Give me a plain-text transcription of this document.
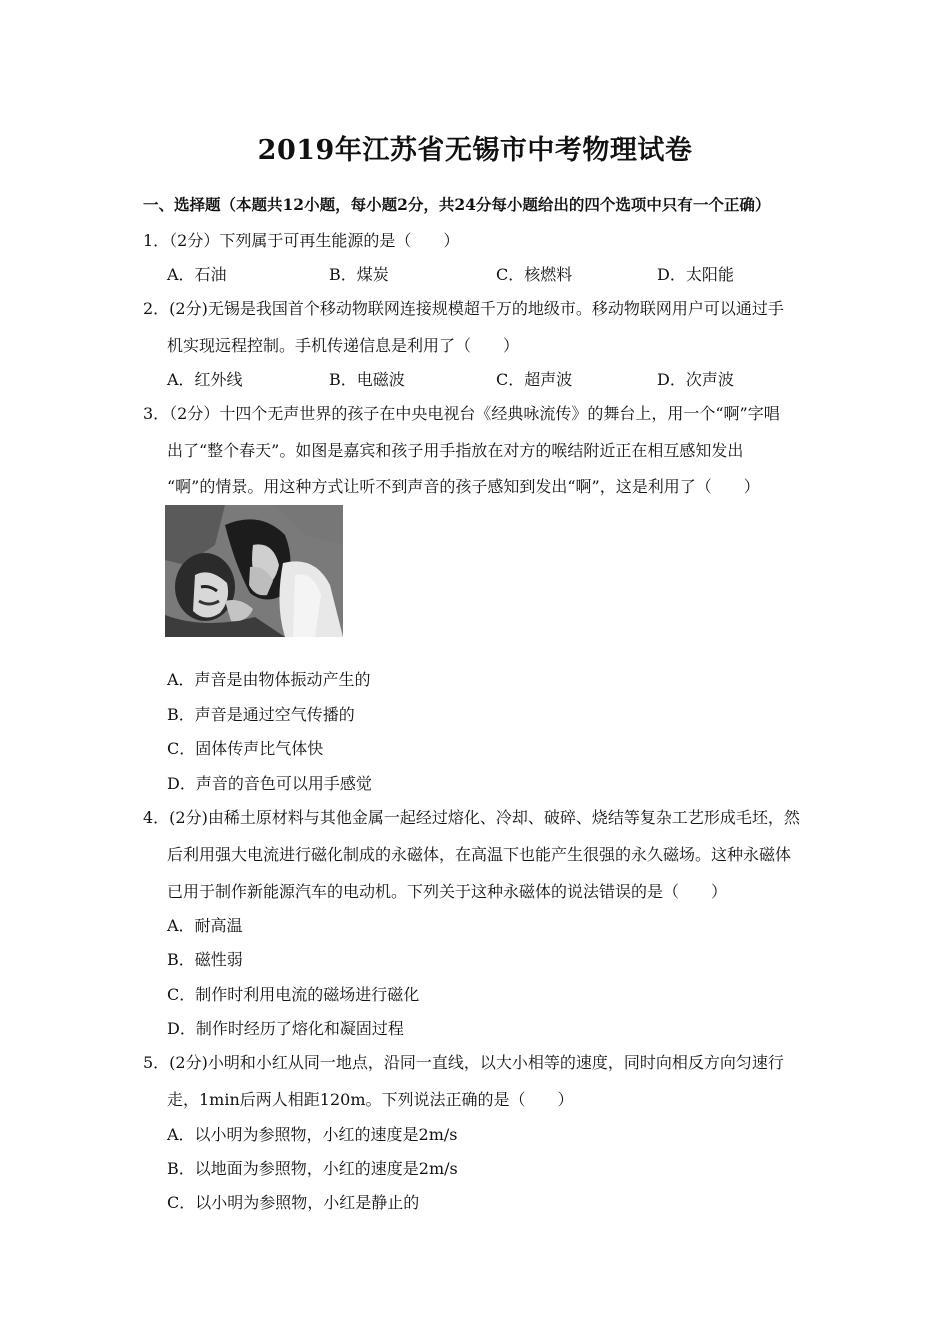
2019年江苏省无锡市中考物理试卷
一、选择题（本题共12小题，每小题2分，共24分每小题给出的四个选项中只有一个正确）
1．（2分）下列属于可再生能源的是（　　）
A．石油	B．煤炭	C．核燃料	D．太阳能
2．(2分)无锡是我国首个移动物联网连接规模超千万的地级市。移动物联网用户可以通过手
机实现远程控制。手机传递信息是利用了（　　）
A．红外线	B．电磁波	C．超声波	D．次声波
3．（2分）十四个无声世界的孩子在中央电视台《经典咏流传》的舞台上，用一个“啊”字唱
出了“整个春天”。如图是嘉宾和孩子用手指放在对方的喉结附近正在相互感知发出
“啊”的情景。用这种方式让听不到声音的孩子感知到发出“啊”，这是利用了（　　）
A．声音是由物体振动产生的
B．声音是通过空气传播的
C．固体传声比气体快
D．声音的音色可以用手感觉
4．(2分)由稀土原材料与其他金属一起经过熔化、冷却、破碎、烧结等复杂工艺形成毛坯，然
后利用强大电流进行磁化制成的永磁体，在高温下也能产生很强的永久磁场。这种永磁体
已用于制作新能源汽车的电动机。下列关于这种永磁体的说法错误的是（　　）
A．耐高温
B．磁性弱
C．制作时利用电流的磁场进行磁化
D．制作时经历了熔化和凝固过程
5．(2分)小明和小红从同一地点，沿同一直线，以大小相等的速度，同时向相反方向匀速行
走，1min后两人相距120m。下列说法正确的是（　　）
A．以小明为参照物，小红的速度是2m/s
B．以地面为参照物，小红的速度是2m/s
C．以小明为参照物，小红是静止的
